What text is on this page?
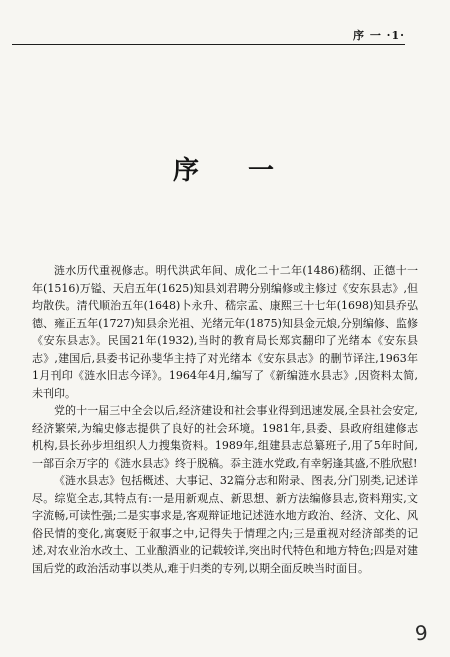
序 一 ·1·
序 一

涟水历代重视修志。明代洪武年间、成化二十二年(1486)嵇纲、正德十一年(1516)万镒、天启五年(1625)知县刘君聘分别编修或主修过《安东县志》,但均散佚。清代顺治五年(1648)卜永升、嵇宗孟、康熙三十七年(1698)知县乔弘德、雍正五年(1727)知县余光祖、光绪元年(1875)知县金元烺,分别编修、监修《安东县志》。民国21年(1932),当时的教育局长郑宾翻印了光绪本《安东县志》,建国后,县委书记孙斐华主持了对光绪本《安东县志》的删节译注,1963年1月刊印《涟水旧志今译》。1964年4月,编写了《新编涟水县志》,因资料太简,未刊印。

党的十一届三中全会以后,经济建设和社会事业得到迅速发展,全县社会安定,经济繁荣,为编史修志提供了良好的社会环境。1981年,县委、县政府组建修志机构,县长孙步坦组织人力搜集资料。1989年,组建县志总纂班子,用了5年时间,一部百余万字的《涟水县志》终于脱稿。忝主涟水党政,有幸躬逢其盛,不胜欣慰!

《涟水县志》包括概述、大事记、32篇分志和附录、图表,分门别类,记述详尽。综览全志,其特点有:一是用新观点、新思想、新方法编修县志,资料翔实,文字流畅,可读性强;二是实事求是,客观辩证地记述涟水地方政治、经济、文化、风俗民情的变化,寓褒贬于叙事之中,记得失于情理之内;三是重视对经济部类的记述,对农业治水改土、工业酿酒业的记载较详,突出时代特色和地方特色;四是对建国后党的政治活动事以类从,难于归类的专列,以期全面反映当时面目。

9
